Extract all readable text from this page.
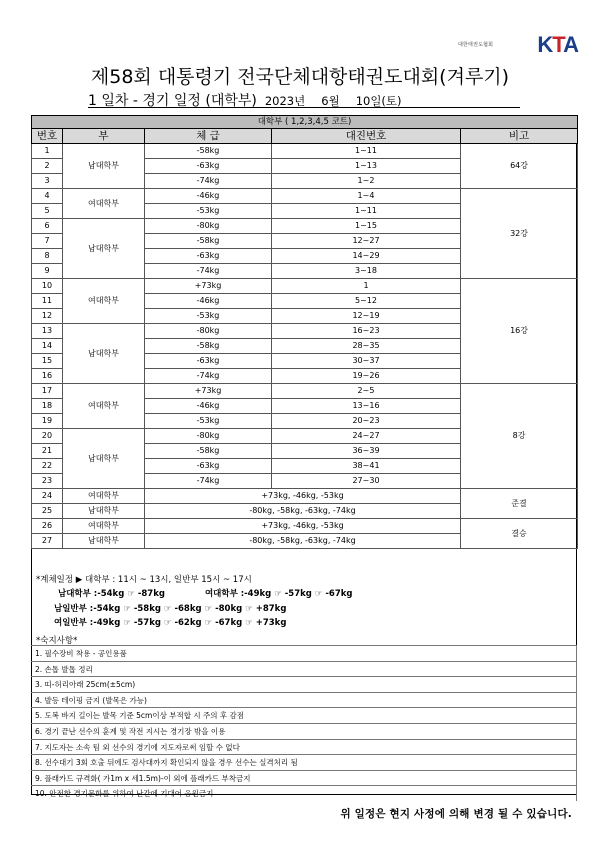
대한태권도협회 KTA
제58회 대통령기 전국단체대항태권도대회(겨루기)
1 일차 - 경기 일정 (대학부) 2023년 6월 10일(토)
대학부 ( 1,2,3,4,5 코트)				
번호	부	체 급	대진번호	비고
1	남대학부	-58kg	1~11	64강
2		-63kg	1~13	
3		-74kg	1~2	
4	여대학부	-46kg	1~4	32강
5		-53kg	1~11	
6	남대학부	-80kg	1~15	
7		-58kg	12~27	
8		-63kg	14~29	
9		-74kg	3~18	
10	여대학부	+73kg	1	16강
11		-46kg	5~12	
12		-53kg	12~19	
13	남대학부	-80kg	16~23	
14		-58kg	28~35	
15		-63kg	30~37	
16		-74kg	19~26	
17	여대학부	+73kg	2~5	8강
18		-46kg	13~16	
19		-53kg	20~23	
20	남대학부	-80kg	24~27	
21		-58kg	36~39	
22		-63kg	38~41	
23		-74kg	27~30	
24	여대학부	+73kg, -46kg, -53kg		준결
25	남대학부	-80kg, -58kg, -63kg, -74kg		
26	여대학부	+73kg, -46kg, -53kg		결승
27	남대학부	-80kg, -58kg, -63kg, -74kg		
*계체일정 ▶ 대학부 : 11시 ~ 13시, 일반부 15시 ~ 17시
남대학부 :-54kg ☞ -87kg	여대학부 :-49kg ☞ -57kg ☞ -67kg
남일반부 :-54kg ☞ -58kg ☞ -68kg ☞ -80kg ☞ +87kg
여일반부 :-49kg ☞ -57kg ☞ -62kg ☞ -67kg ☞ +73kg
*숙지사항*
1. 필수장비 착용 - 공인용품
2. 손톱 발톱 정리
3. 띠-허리아래 25cm(±5cm)
4. 발등 테이핑 금지 (발목은 가능)
5. 도복 바지 길이는 발목 기준 5cm이상 부적합 시 주의 후 감점
6. 경기 끝난 선수의 훈계 및 작전 지시는 경기장 밖을 이용
7. 지도자는 소속 팀 외 선수의 경기에 지도자로써 임할 수 없다
8. 선수대기 3회 호출 뒤에도 검사대까지 확인되지 않을 경우 선수는 실격처리 됨
9. 플래카드 규격화( 가1m x 세1.5m)-이 외에 플래카드 부착금지
10. 안전한 경기문화를 위하여 난간에 기대어 응원금지
위 일정은 현지 사정에 의해 변경 될 수 있습니다.
